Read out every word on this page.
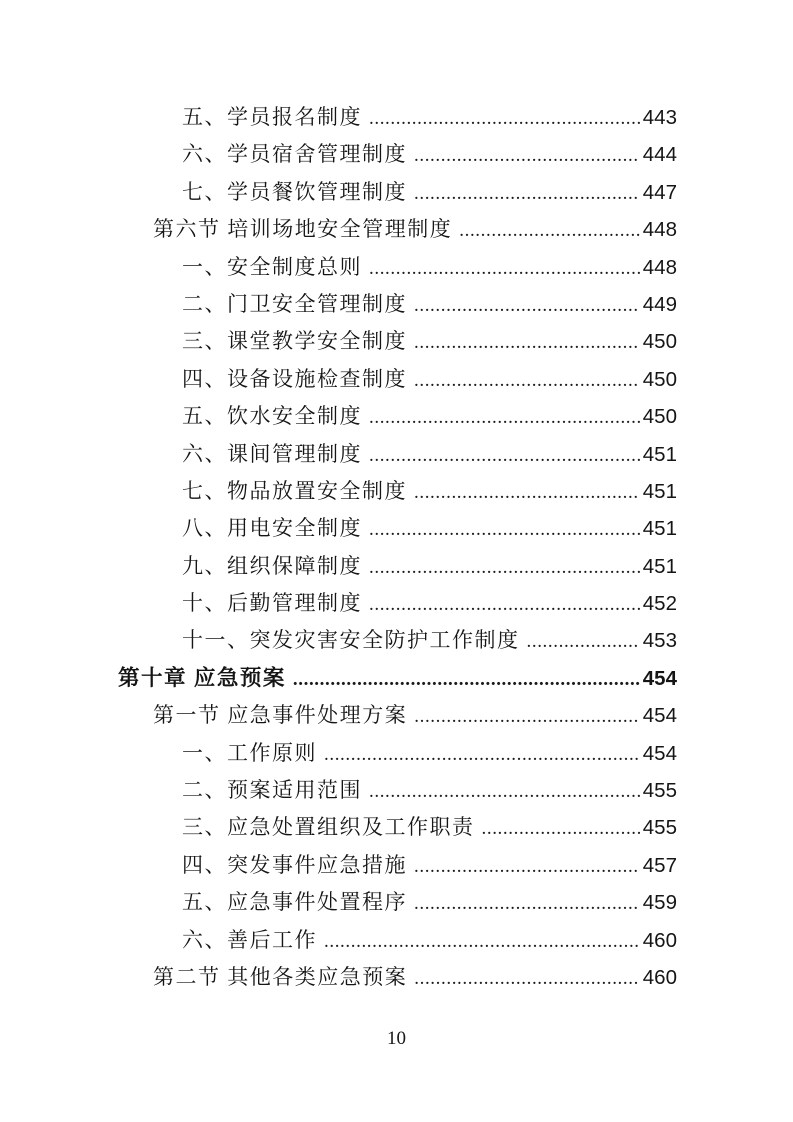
五、学员报名制度 .....	443
六、学员宿舍管理制度 .....	444
七、学员餐饮管理制度 .....	447
第六节 培训场地安全管理制度 .....	448
一、安全制度总则 .....	448
二、门卫安全管理制度 .....	449
三、课堂教学安全制度 .....	450
四、设备设施检查制度 .....	450
五、饮水安全制度 .....	450
六、课间管理制度 .....	451
七、物品放置安全制度 .....	451
八、用电安全制度 .....	451
九、组织保障制度 .....	451
十、后勤管理制度 .....	452
十一、突发灾害安全防护工作制度 .....	453
第十章 应急预案 .....	454
第一节 应急事件处理方案 .....	454
一、工作原则 .....	454
二、预案适用范围 .....	455
三、应急处置组织及工作职责 .....	455
四、突发事件应急措施 .....	457
五、应急事件处置程序 .....	459
六、善后工作 .....	460
第二节 其他各类应急预案 .....	460
10
